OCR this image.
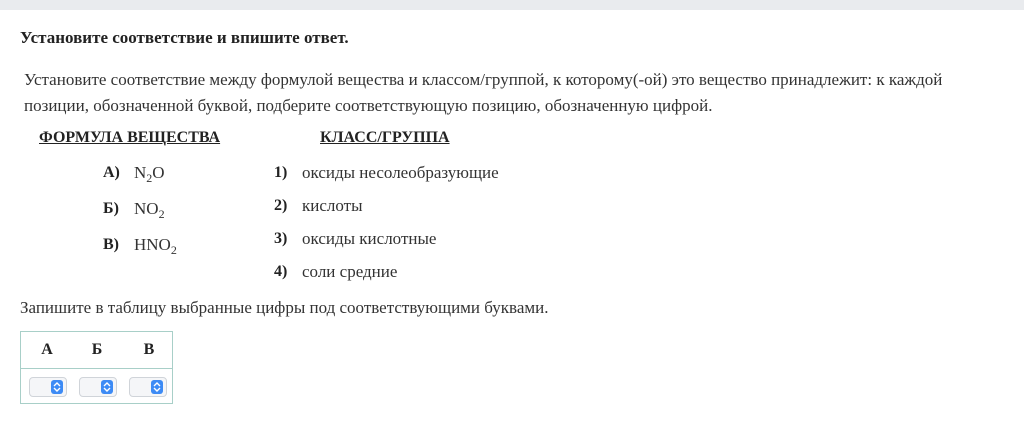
Установите соответствие и впишите ответ.
Установите соответствие между формулой вещества и классом/группой, к которому(-ой) это вещество принадлежит: к каждой позиции, обозначенной буквой, подберите соответствующую позицию, обозначенную цифрой.
ФОРМУЛА ВЕЩЕСТВА	КЛАСС/ГРУППА
А) $N_2O$
Б) $NO_2$
В) $HNO_2$
1) оксиды несолеобразующие
2) кислоты
3) оксиды кислотные
4) соли средние
Запишите в таблицу выбранные цифры под соответствующими буквами.
А Б	В
